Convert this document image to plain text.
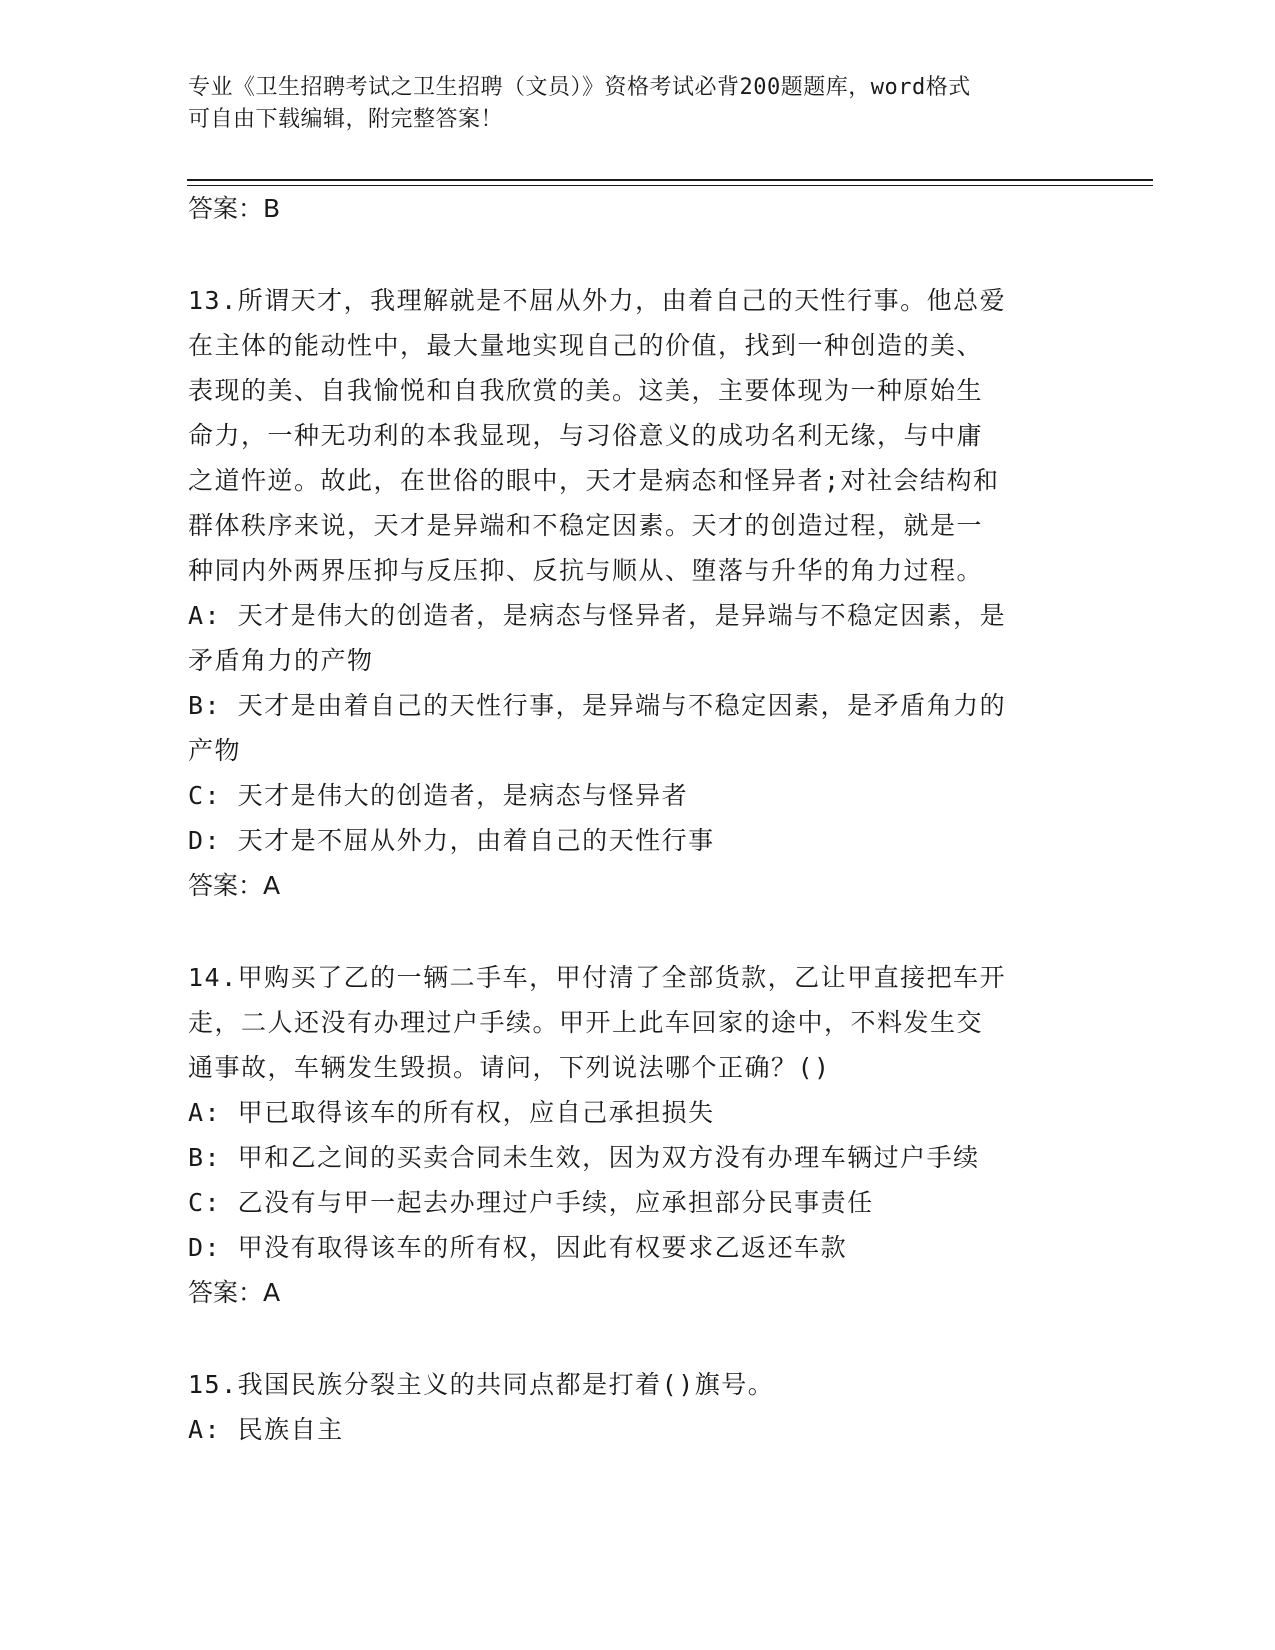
专业《卫生招聘考试之卫生招聘（文员）》资格考试必背200题题库，word格式
可自由下载编辑，附完整答案！
答案：B
13.所谓天才，我理解就是不屈从外力，由着自己的天性行事。他总爱
在主体的能动性中，最大量地实现自己的价值，找到一种创造的美、
表现的美、自我愉悦和自我欣赏的美。这美，主要体现为一种原始生
命力，一种无功利的本我显现，与习俗意义的成功名利无缘，与中庸
之道忤逆。故此，在世俗的眼中，天才是病态和怪异者;对社会结构和
群体秩序来说，天才是异端和不稳定因素。天才的创造过程，就是一
种同内外两界压抑与反压抑、反抗与顺从、堕落与升华的角力过程。
A: 天才是伟大的创造者，是病态与怪异者，是异端与不稳定因素，是
矛盾角力的产物
B: 天才是由着自己的天性行事，是异端与不稳定因素，是矛盾角力的
产物
C: 天才是伟大的创造者，是病态与怪异者
D: 天才是不屈从外力，由着自己的天性行事
答案：A
14.甲购买了乙的一辆二手车，甲付清了全部货款，乙让甲直接把车开
走，二人还没有办理过户手续。甲开上此车回家的途中，不料发生交
通事故，车辆发生毁损。请问，下列说法哪个正确？()
A: 甲已取得该车的所有权，应自己承担损失
B: 甲和乙之间的买卖合同未生效，因为双方没有办理车辆过户手续
C: 乙没有与甲一起去办理过户手续，应承担部分民事责任
D: 甲没有取得该车的所有权，因此有权要求乙返还车款
答案：A
15.我国民族分裂主义的共同点都是打着()旗号。
A: 民族自主
